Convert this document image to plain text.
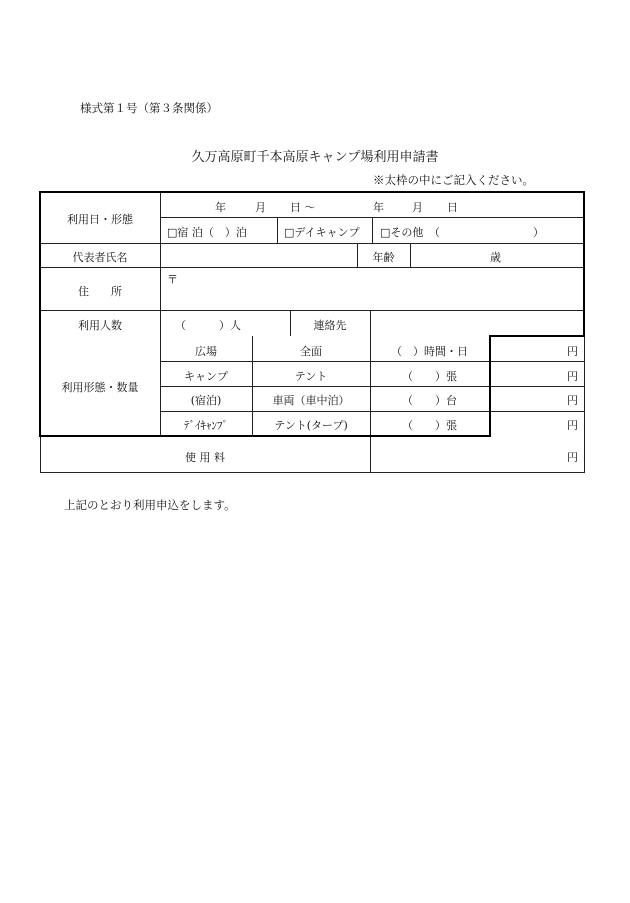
様式第１号（第３条関係）
久万高原町千本高原キャンプ場利用申請書
※太枠の中にご記入ください。
利用日・形態
年	月 日 ～	年	月 日
□宿 泊（　）泊	□デイキャンプ □その他　（	）
代表者氏名	年齢	歳
住　　所
〒
利用人数	（　　　）人	連絡先
利用形態・数量
広場	全面	（　）時間・日	円
キャンプ	テント	（　　）張	円
(宿泊)	車両（車中泊）	（　　）台	円
ﾃﾞｲｷｬﾝﾌﾟ	テント(タープ)	（　　）張	円
使 用 料	円
上記のとおり利用申込をします。
